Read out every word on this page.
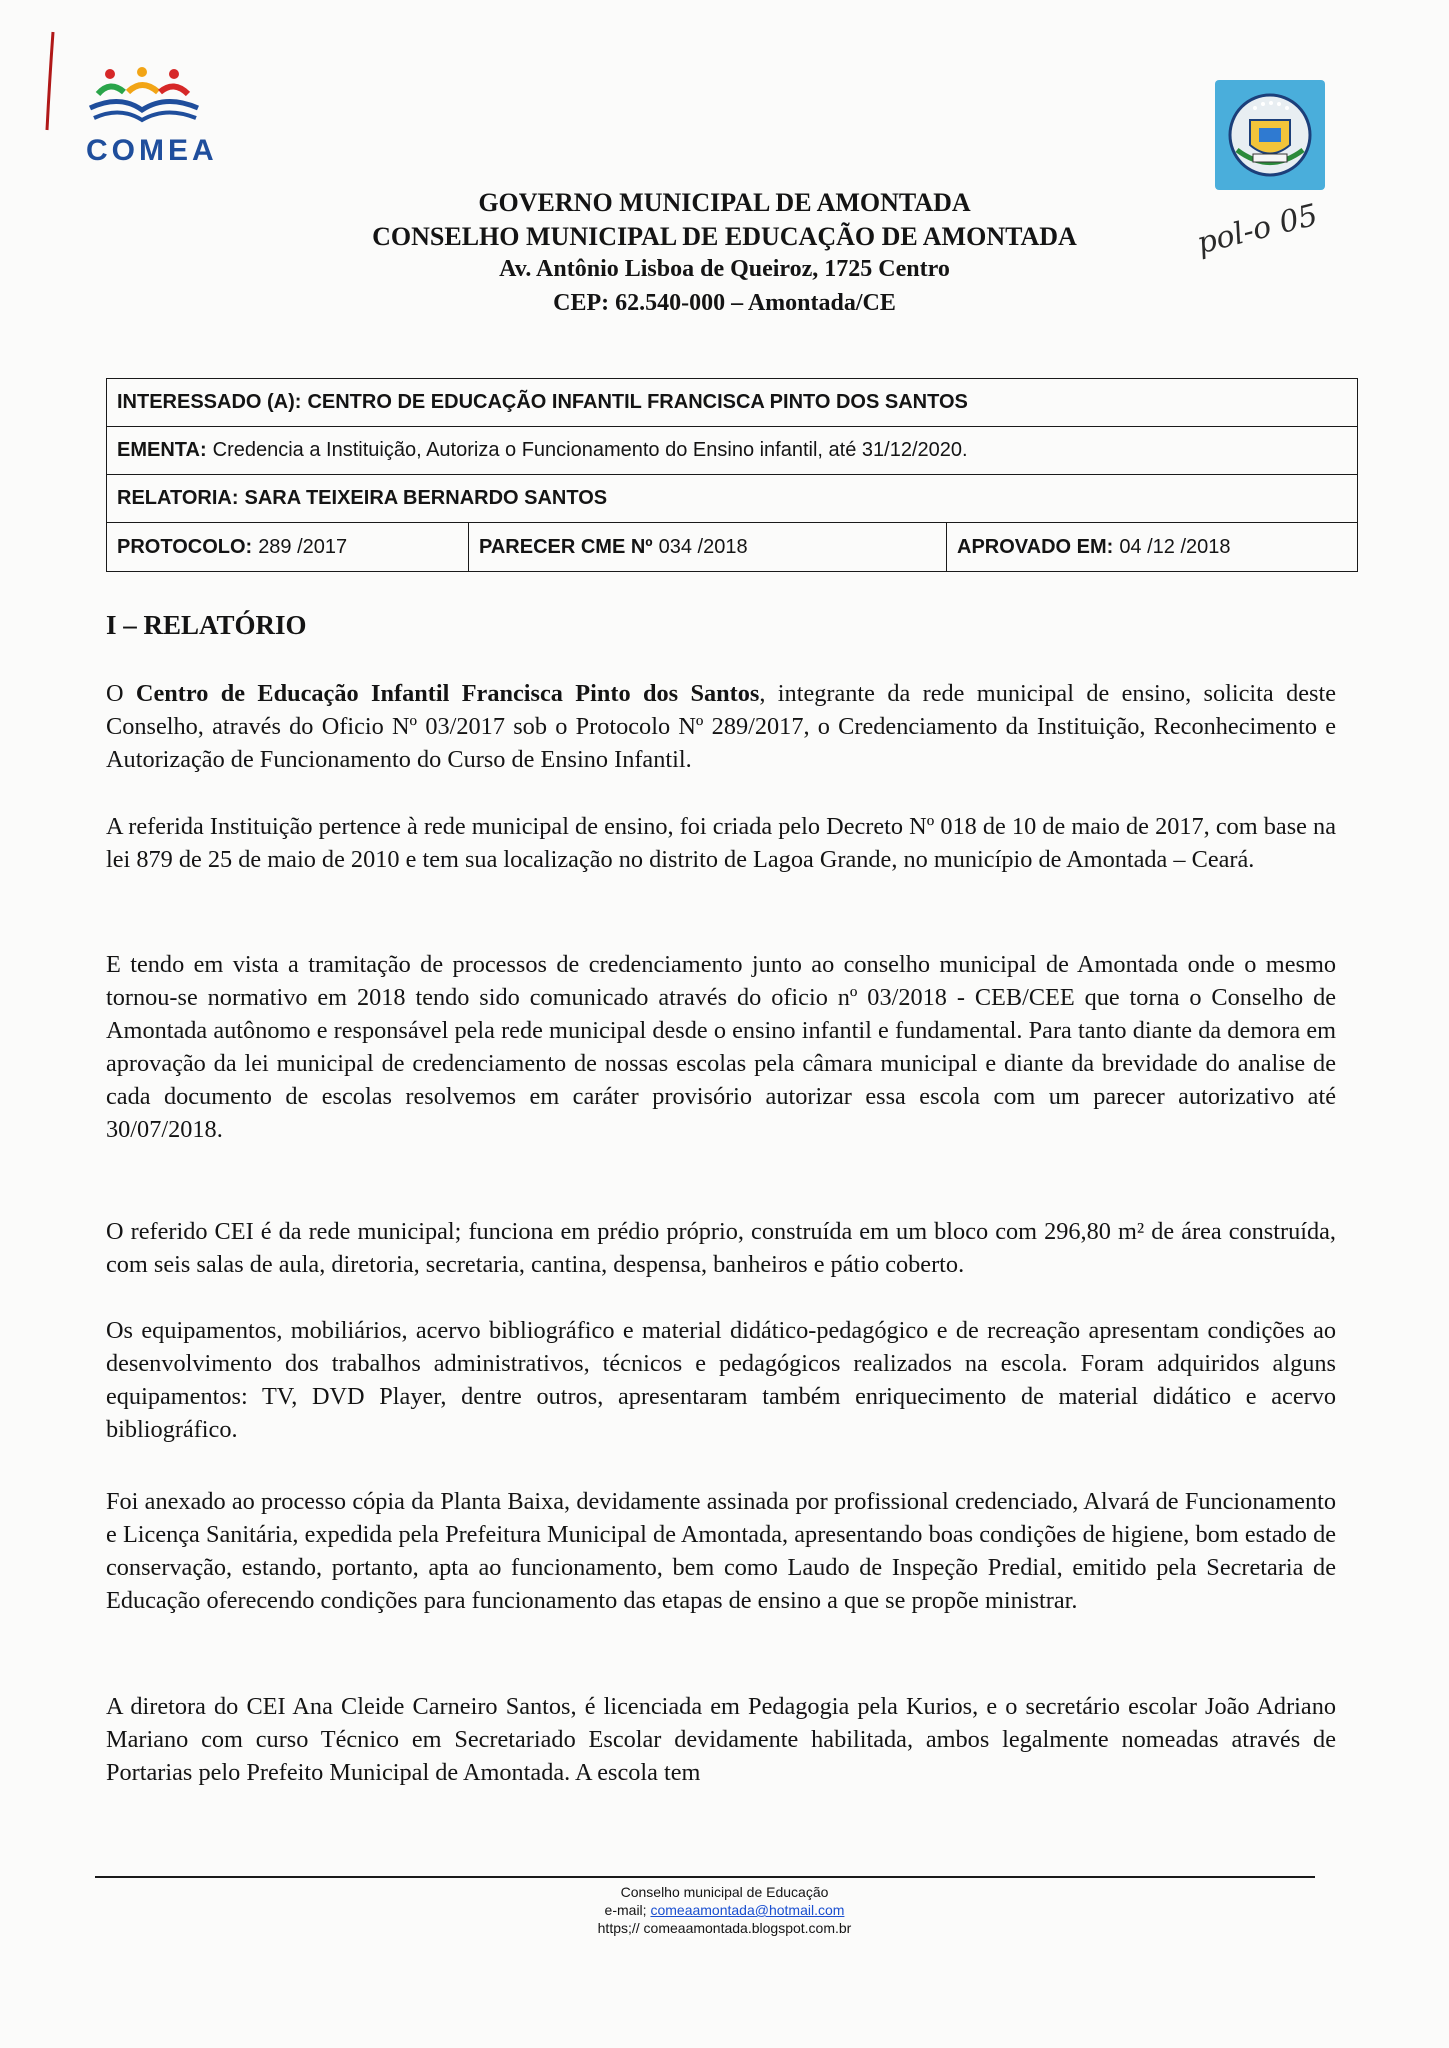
COMEA
GOVERNO MUNICIPAL DE AMONTADA
CONSELHO MUNICIPAL DE EDUCAÇÃO DE AMONTADA
Av. Antônio Lisboa de Queiroz, 1725 Centro
CEP: 62.540-000 – Amontada/CE
pol-o 05
INTERESSADO (A): CENTRO DE EDUCAÇÃO INFANTIL FRANCISCA PINTO DOS SANTOS
EMENTA: Credencia a Instituição, Autoriza o Funcionamento do Ensino infantil, até 31/12/2020.
RELATORIA: SARA TEIXEIRA BERNARDO SANTOS
PROTOCOLO: 289 /2017	PARECER CME Nº 034 /2018	APROVADO EM: 04 /12 /2018
I – RELATÓRIO
O Centro de Educação Infantil Francisca Pinto dos Santos, integrante da rede municipal de ensino, solicita deste Conselho, através do Oficio Nº 03/2017 sob o Protocolo Nº 289/2017, o Credenciamento da Instituição, Reconhecimento e Autorização de Funcionamento do Curso de Ensino Infantil.
A referida Instituição pertence à rede municipal de ensino, foi criada pelo Decreto Nº 018 de 10 de maio de 2017, com base na lei 879 de 25 de maio de 2010 e tem sua localização no distrito de Lagoa Grande, no município de Amontada – Ceará.
E tendo em vista a tramitação de processos de credenciamento junto ao conselho municipal de Amontada onde o mesmo tornou-se normativo em 2018 tendo sido comunicado através do oficio nº 03/2018 - CEB/CEE que torna o Conselho de Amontada autônomo e responsável pela rede municipal desde o ensino infantil e fundamental. Para tanto diante da demora em aprovação da lei municipal de credenciamento de nossas escolas pela câmara municipal e diante da brevidade do analise de cada documento de escolas resolvemos em caráter provisório autorizar essa escola com um parecer autorizativo até 30/07/2018.
O referido CEI é da rede municipal; funciona em prédio próprio, construída em um bloco com 296,80 m² de área construída, com seis salas de aula, diretoria, secretaria, cantina, despensa, banheiros e pátio coberto.
Os equipamentos, mobiliários, acervo bibliográfico e material didático-pedagógico e de recreação apresentam condições ao desenvolvimento dos trabalhos administrativos, técnicos e pedagógicos realizados na escola. Foram adquiridos alguns equipamentos: TV, DVD Player, dentre outros, apresentaram também enriquecimento de material didático e acervo bibliográfico.
Foi anexado ao processo cópia da Planta Baixa, devidamente assinada por profissional credenciado, Alvará de Funcionamento e Licença Sanitária, expedida pela Prefeitura Municipal de Amontada, apresentando boas condições de higiene, bom estado de conservação, estando, portanto, apta ao funcionamento, bem como Laudo de Inspeção Predial, emitido pela Secretaria de Educação oferecendo condições para funcionamento das etapas de ensino a que se propõe ministrar.
A diretora do CEI Ana Cleide Carneiro Santos, é licenciada em Pedagogia pela Kurios, e o secretário escolar João Adriano Mariano com curso Técnico em Secretariado Escolar devidamente habilitada, ambos legalmente nomeadas através de Portarias pelo Prefeito Municipal de Amontada. A escola tem
Conselho municipal de Educação
e-mail; comeaamontada@hotmail.com
https;// comeaamontada.blogspot.com.br
